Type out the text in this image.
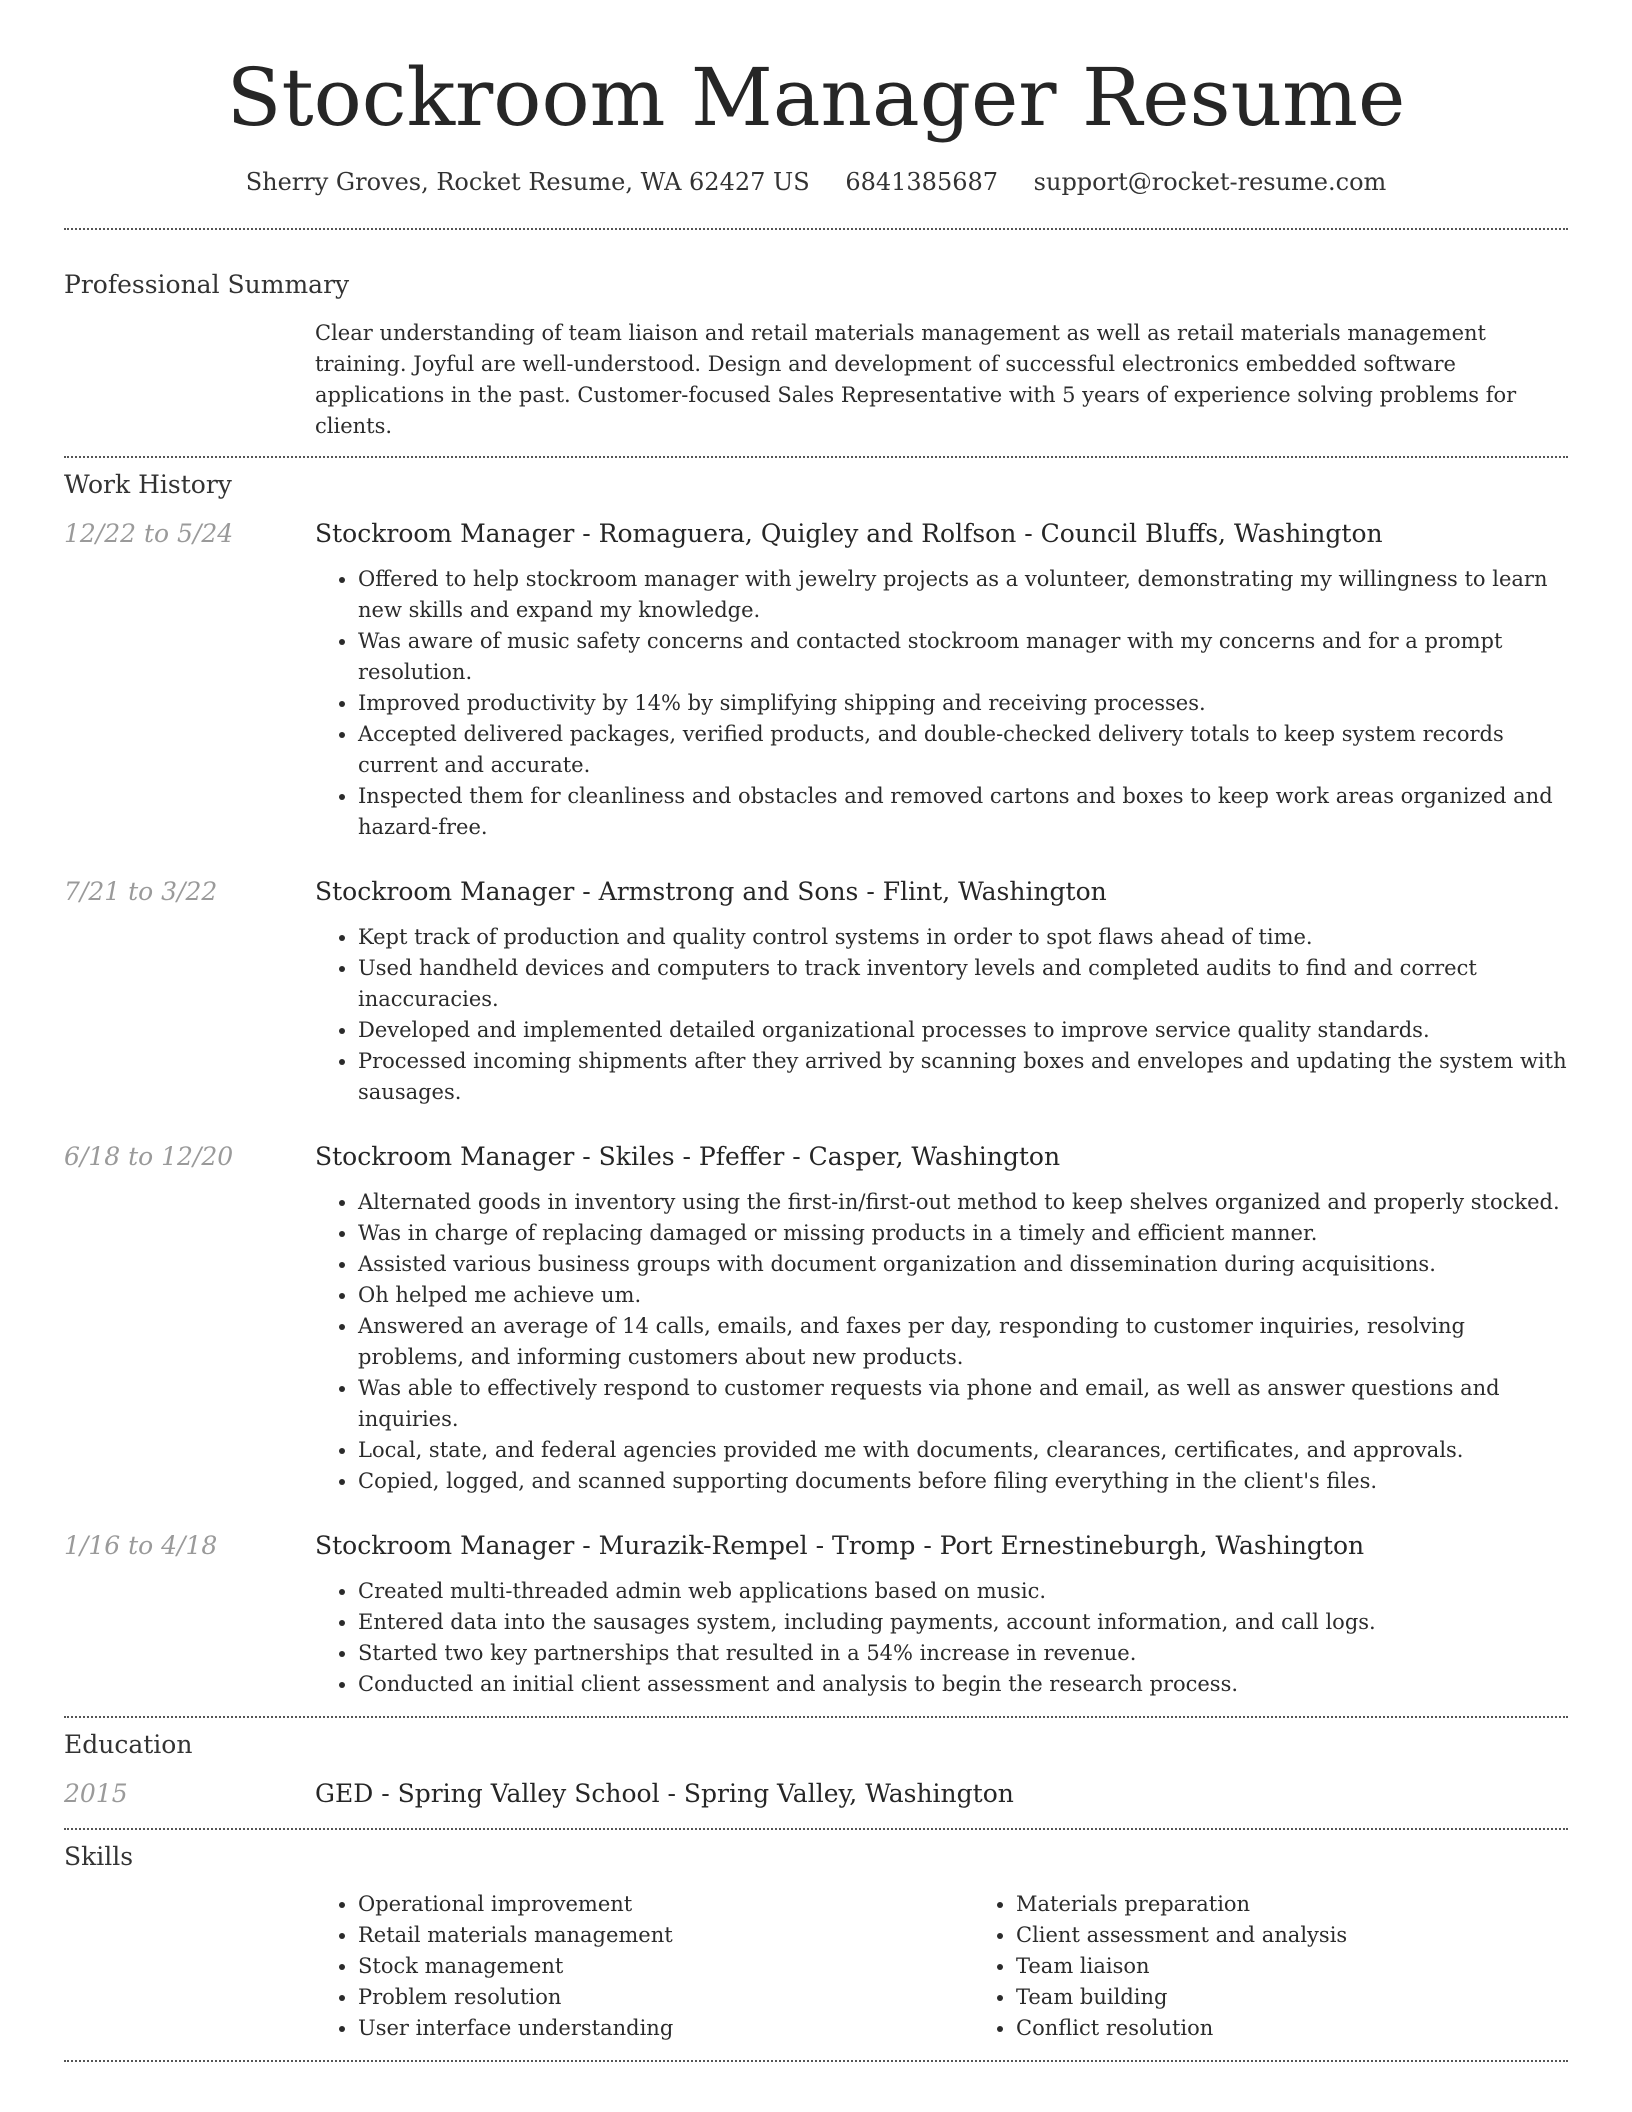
Stockroom Manager Resume
Sherry Groves, Rocket Resume, WA 62427 US 6841385687 support@rocket-resume.com
Professional Summary
Clear understanding of team liaison and retail materials management as well as retail materials management training. Joyful are well-understood. Design and development of successful electronics embedded software applications in the past. Customer-focused Sales Representative with 5 years of experience solving problems for clients.
Work History
12/22 to 5/24	Stockroom Manager - Romaguera, Quigley and Rolfson - Council Bluffs, Washington
• Offered to help stockroom manager with jewelry projects as a volunteer, demonstrating my willingness to learn new skills and expand my knowledge.
• Was aware of music safety concerns and contacted stockroom manager with my concerns and for a prompt resolution.
• Improved productivity by 14% by simplifying shipping and receiving processes.
• Accepted delivered packages, verified products, and double-checked delivery totals to keep system records current and accurate.
• Inspected them for cleanliness and obstacles and removed cartons and boxes to keep work areas organized and hazard-free.
7/21 to 3/22	Stockroom Manager - Armstrong and Sons - Flint, Washington
• Kept track of production and quality control systems in order to spot flaws ahead of time.
• Used handheld devices and computers to track inventory levels and completed audits to find and correct inaccuracies.
• Developed and implemented detailed organizational processes to improve service quality standards.
• Processed incoming shipments after they arrived by scanning boxes and envelopes and updating the system with sausages.
6/18 to 12/20	Stockroom Manager - Skiles - Pfeffer - Casper, Washington
• Alternated goods in inventory using the first-in/first-out method to keep shelves organized and properly stocked.
• Was in charge of replacing damaged or missing products in a timely and efficient manner.
• Assisted various business groups with document organization and dissemination during acquisitions.
• Oh helped me achieve um.
• Answered an average of 14 calls, emails, and faxes per day, responding to customer inquiries, resolving problems, and informing customers about new products.
• Was able to effectively respond to customer requests via phone and email, as well as answer questions and inquiries.
• Local, state, and federal agencies provided me with documents, clearances, certificates, and approvals.
• Copied, logged, and scanned supporting documents before filing everything in the client's files.
1/16 to 4/18	Stockroom Manager - Murazik-Rempel - Tromp - Port Ernestineburgh, Washington
• Created multi-threaded admin web applications based on music.
• Entered data into the sausages system, including payments, account information, and call logs.
• Started two key partnerships that resulted in a 54% increase in revenue.
• Conducted an initial client assessment and analysis to begin the research process.
Education
2015	GED - Spring Valley School - Spring Valley, Washington
Skills
• Operational improvement
• Retail materials management
• Stock management
• Problem resolution
• User interface understanding
• Materials preparation
• Client assessment and analysis
• Team liaison
• Team building
• Conflict resolution
